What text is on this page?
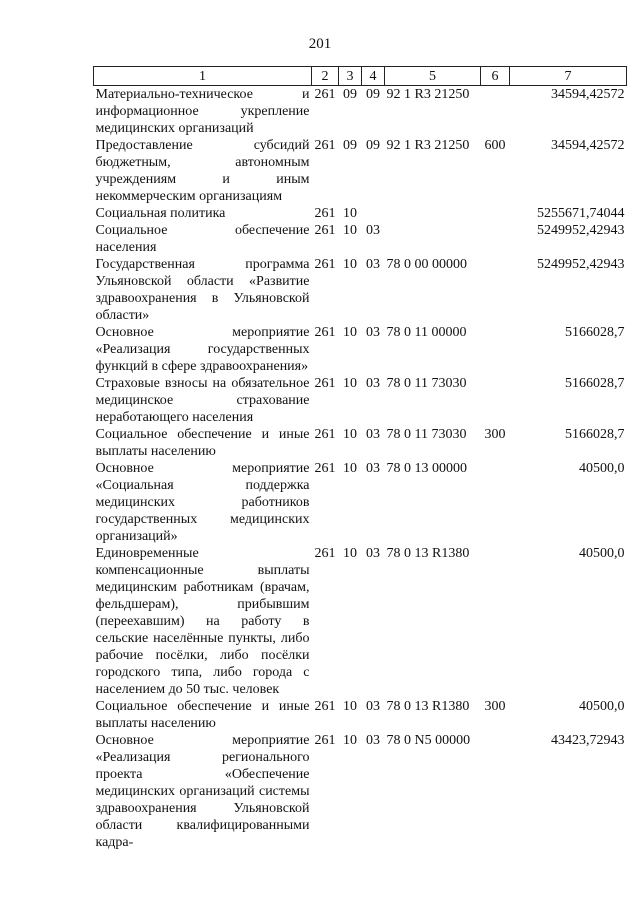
201
1	2	3	4	5	6	7
Материально-техническое и информационное укрепление медицинских организаций	261	09	09	92 1 R3 21250		34594,42572
Предоставление субсидий бюджетным, автономным учреждениям и иным некоммерческим организациям	261	09	09	92 1 R3 21250	600	34594,42572
Социальная политика	261	10				5255671,74044
Социальное обеспечение населения	261	10	03			5249952,42943
Государственная программа Ульяновской области «Развитие здравоохранения в Ульяновской области»	261	10	03	78 0 00 00000		5249952,42943
Основное мероприятие «Реализация государственных функций в сфере здравоохранения»	261	10	03	78 0 11 00000		5166028,7
Страховые взносы на обязательное медицинское страхование неработающего населения	261	10	03	78 0 11 73030		5166028,7
Социальное обеспечение и иные выплаты населению	261	10	03	78 0 11 73030	300	5166028,7
Основное мероприятие «Социальная поддержка медицинских работников государственных медицинских организаций»	261	10	03	78 0 13 00000		40500,0
Единовременные компенсационные выплаты медицинским работникам (врачам, фельдшерам), прибывшим (переехавшим) на работу в сельские населённые пункты, либо рабочие посёлки, либо посёлки городского типа, либо города с населением до 50 тыс. человек	261	10	03	78 0 13 R1380		40500,0
Социальное обеспечение и иные выплаты населению	261	10	03	78 0 13 R1380	300	40500,0
Основное мероприятие «Реализация регионального проекта «Обеспечение медицинских организаций системы здравоохранения Ульяновской области квалифицированными кадра-	261	10	03	78 0 N5 00000		43423,72943
